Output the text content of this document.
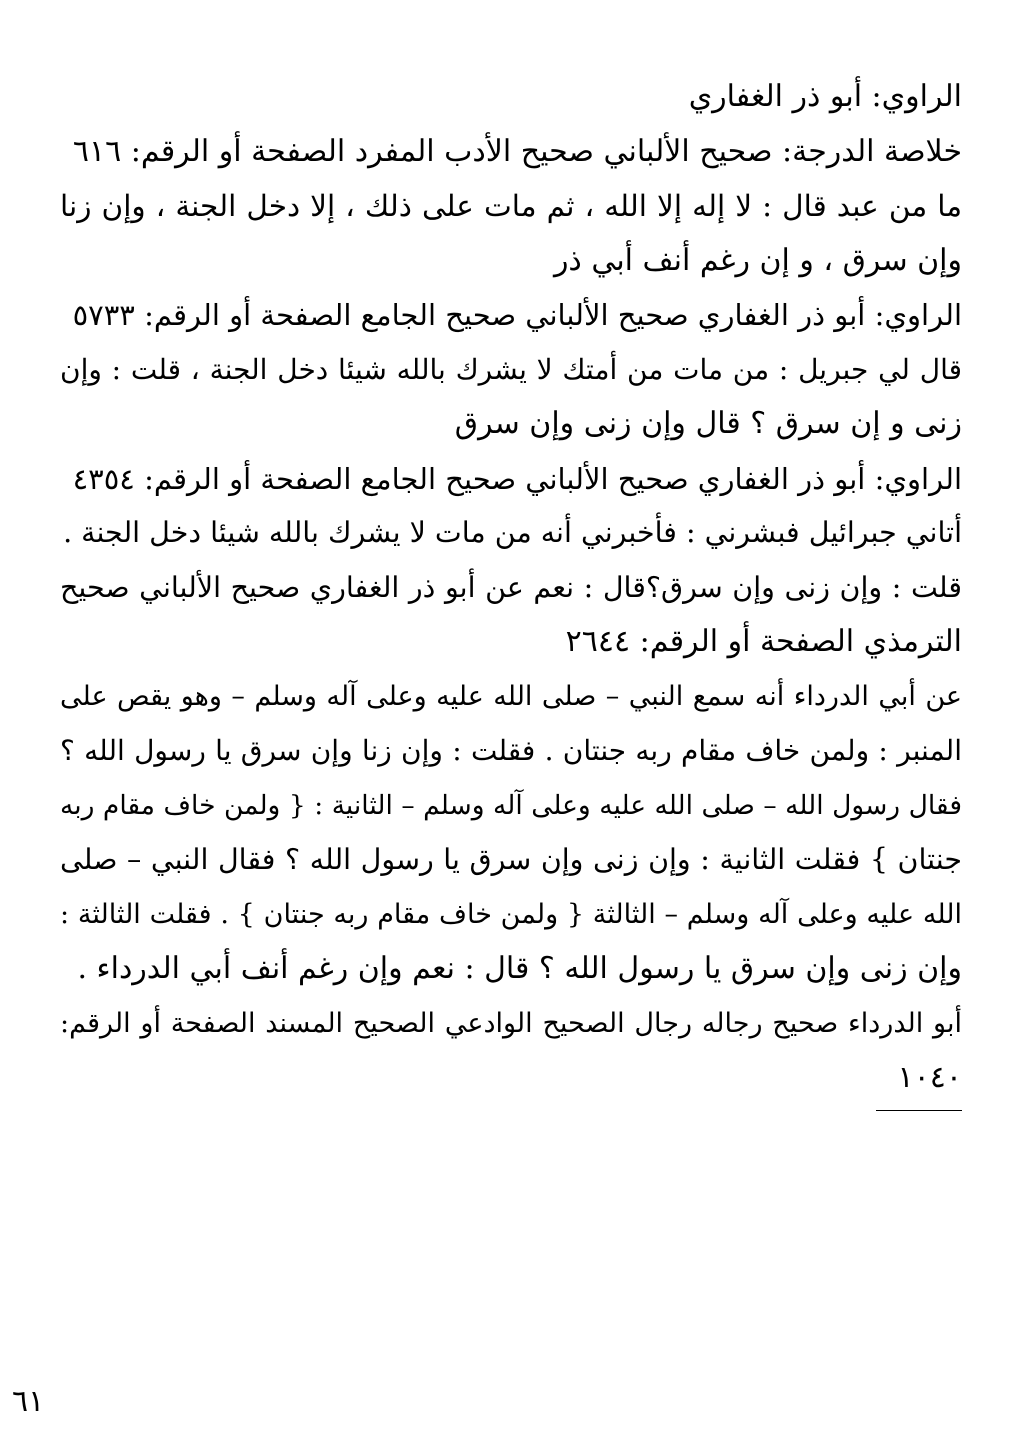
الراوي: أبو ذر الغفاري
خلاصة الدرجة: صحيح الألباني صحيح الأدب المفرد الصفحة أو الرقم: ٦١٦
ما من عبد قال : لا إله إلا الله ، ثم مات على ذلك ، إلا دخل الجنة ، وإن زنا
وإن سرق ، و إن رغم أنف أبي ذر
الراوي: أبو ذر الغفاري صحيح الألباني صحيح الجامع الصفحة أو الرقم: ٥٧٣٣
قال لي جبريل : من مات من أمتك لا يشرك بالله شيئا دخل الجنة ، قلت : وإن
زنى و إن سرق ؟ قال وإن زنى وإن سرق
الراوي: أبو ذر الغفاري صحيح الألباني صحيح الجامع الصفحة أو الرقم: ٤٣٥٤
أتاني جبرائيل فبشرني : فأخبرني أنه من مات لا يشرك بالله شيئا دخل الجنة .
قلت : وإن زنى وإن سرق؟قال : نعم عن أبو ذر الغفاري صحيح الألباني صحيح
الترمذي الصفحة أو الرقم: ٢٦٤٤
عن أبي الدرداء أنه سمع النبي – صلى الله عليه وعلى آله وسلم – وهو يقص على
المنبر : ولمن خاف مقام ربه جنتان . فقلت : وإن زنا وإن سرق يا رسول الله ؟
فقال رسول الله – صلى الله عليه وعلى آله وسلم – الثانية : { ولمن خاف مقام ربه
جنتان } فقلت الثانية : وإن زنى وإن سرق يا رسول الله ؟ فقال النبي – صلى
الله عليه وعلى آله وسلم – الثالثة { ولمن خاف مقام ربه جنتان } . فقلت الثالثة :
وإن زنى وإن سرق يا رسول الله ؟ قال : نعم وإن رغم أنف أبي الدرداء .
أبو الدرداء صحيح رجاله رجال الصحيح الوادعي الصحيح المسند الصفحة أو الرقم:
١٠٤٠
٦١
